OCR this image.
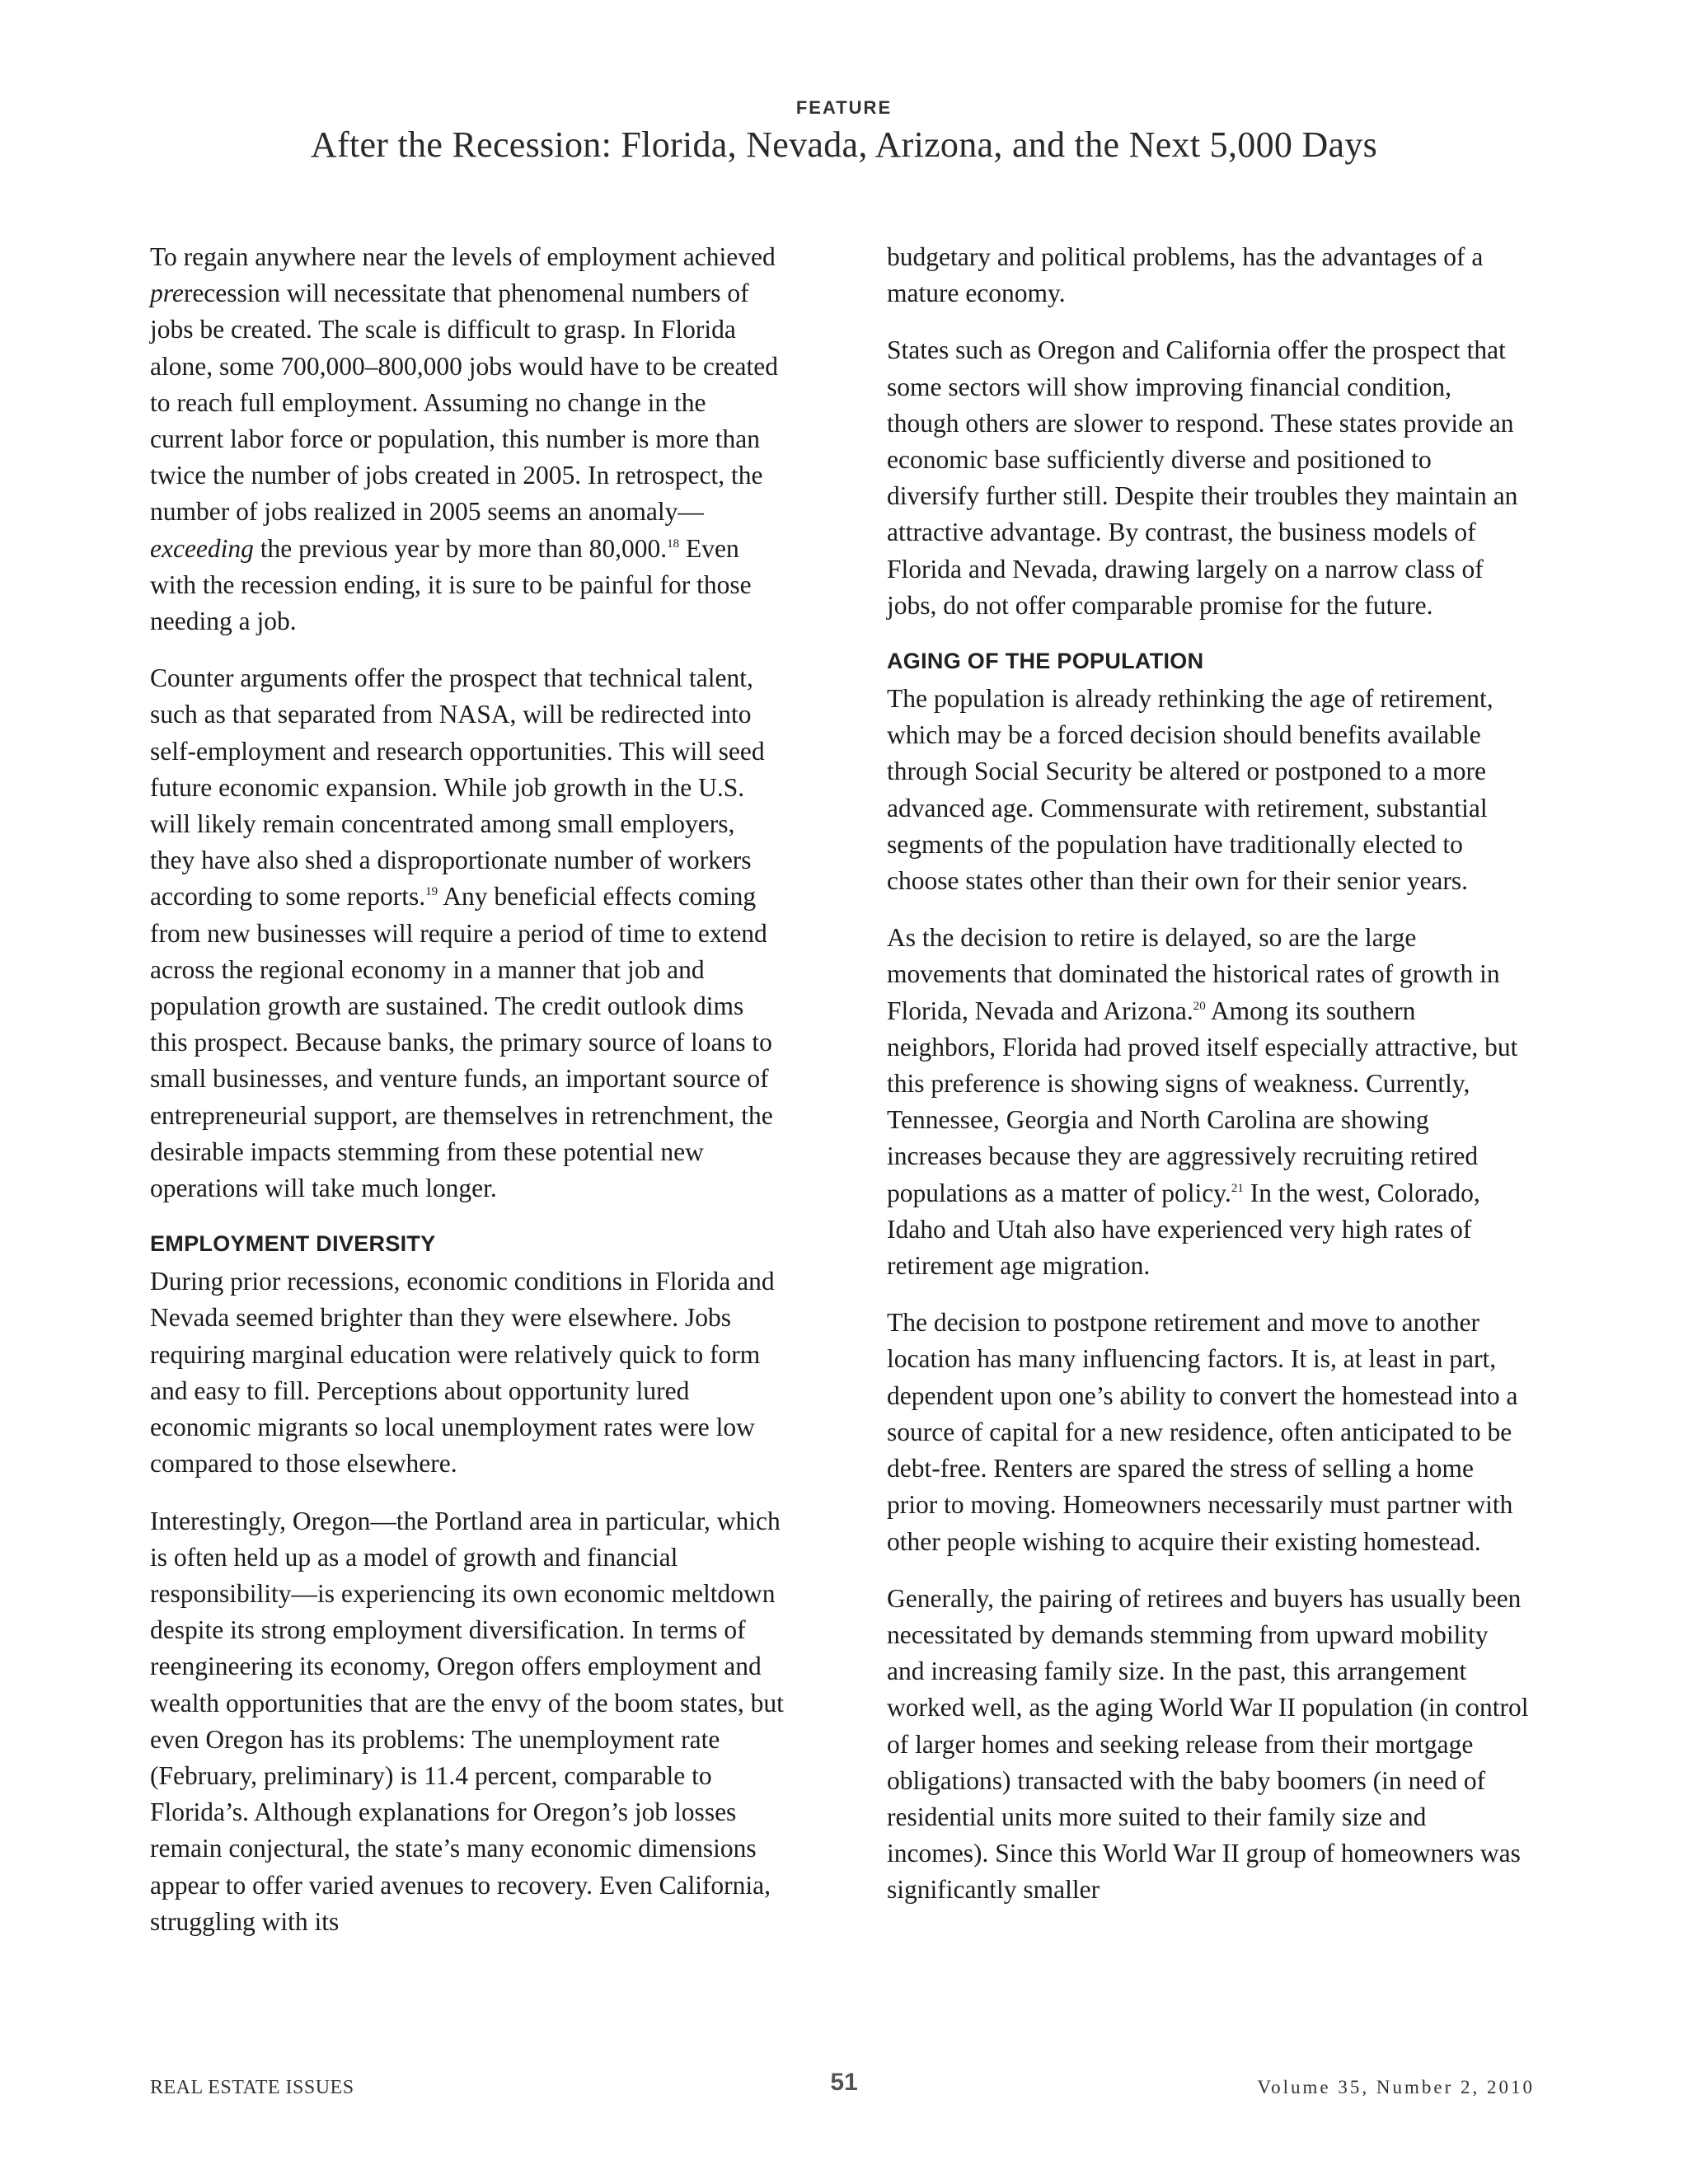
FEATURE
After the Recession: Florida, Nevada, Arizona, and the Next 5,000 Days

To regain anywhere near the levels of employment achieved prerecession will necessitate that phenomenal numbers of jobs be created. The scale is difficult to grasp. In Florida alone, some 700,000–800,000 jobs would have to be created to reach full employment. Assuming no change in the current labor force or population, this number is more than twice the number of jobs created in 2005. In retrospect, the number of jobs realized in 2005 seems an anomaly—exceeding the previous year by more than 80,000.18 Even with the recession ending, it is sure to be painful for those needing a job.

Counter arguments offer the prospect that technical talent, such as that separated from NASA, will be redirected into self-employment and research opportunities. This will seed future economic expansion. While job growth in the U.S. will likely remain concentrated among small employers, they have also shed a disproportionate number of workers according to some reports.$^{19}$ Any beneficial effects coming from new businesses will require a period of time to extend across the regional economy in a manner that job and population growth are sustained. The credit outlook dims this prospect. Because banks, the primary source of loans to small businesses, and venture funds, an important source of entrepreneurial support, are themselves in retrenchment, the desirable impacts stemming from these potential new operations will take much longer.

EMPLOYMENT DIVERSITY

During prior recessions, economic conditions in Florida and Nevada seemed brighter than they were elsewhere. Jobs requiring marginal education were relatively quick to form and easy to fill. Perceptions about opportunity lured economic migrants so local unemployment rates were low compared to those elsewhere.

Interestingly, Oregon—the Portland area in particular, which is often held up as a model of growth and financial responsibility—is experiencing its own economic meltdown despite its strong employment diversification. In terms of reengineering its economy, Oregon offers employment and wealth opportunities that are the envy of the boom states, but even Oregon has its problems: The unemployment rate (February, preliminary) is 11.4 percent, comparable to Florida’s. Although explanations for Oregon’s job losses remain conjectural, the state’s many economic dimensions appear to offer varied avenues to recovery. Even California, struggling with its

budgetary and political problems, has the advantages of a mature economy.

States such as Oregon and California offer the prospect that some sectors will show improving financial condition, though others are slower to respond. These states provide an economic base sufficiently diverse and positioned to diversify further still. Despite their troubles they maintain an attractive advantage. By contrast, the business models of Florida and Nevada, drawing largely on a narrow class of jobs, do not offer comparable promise for the future.

AGING OF THE POPULATION

The population is already rethinking the age of retirement, which may be a forced decision should benefits available through Social Security be altered or postponed to a more advanced age. Commensurate with retirement, substantial segments of the population have traditionally elected to choose states other than their own for their senior years.

As the decision to retire is delayed, so are the large movements that dominated the historical rates of growth in Florida, Nevada and Arizona.$^{20}$ Among its southern neighbors, Florida had proved itself especially attractive, but this preference is showing signs of weakness. Currently, Tennessee, Georgia and North Carolina are showing increases because they are aggressively recruiting retired populations as a matter of policy.$^{21}$ In the west, Colorado, Idaho and Utah also have experienced very high rates of retirement age migration.

The decision to postpone retirement and move to another location has many influencing factors. It is, at least in part, dependent upon one’s ability to convert the homestead into a source of capital for a new residence, often anticipated to be debt-free. Renters are spared the stress of selling a home prior to moving. Homeowners necessarily must partner with other people wishing to acquire their existing homestead.

Generally, the pairing of retirees and buyers has usually been necessitated by demands stemming from upward mobility and increasing family size. In the past, this arrangement worked well, as the aging World War II population (in control of larger homes and seeking release from their mortgage obligations) transacted with the baby boomers (in need of residential units more suited to their family size and incomes). Since this World War II group of homeowners was significantly smaller

REAL ESTATE ISSUES	51	Volume 35, Number 2, 2010
